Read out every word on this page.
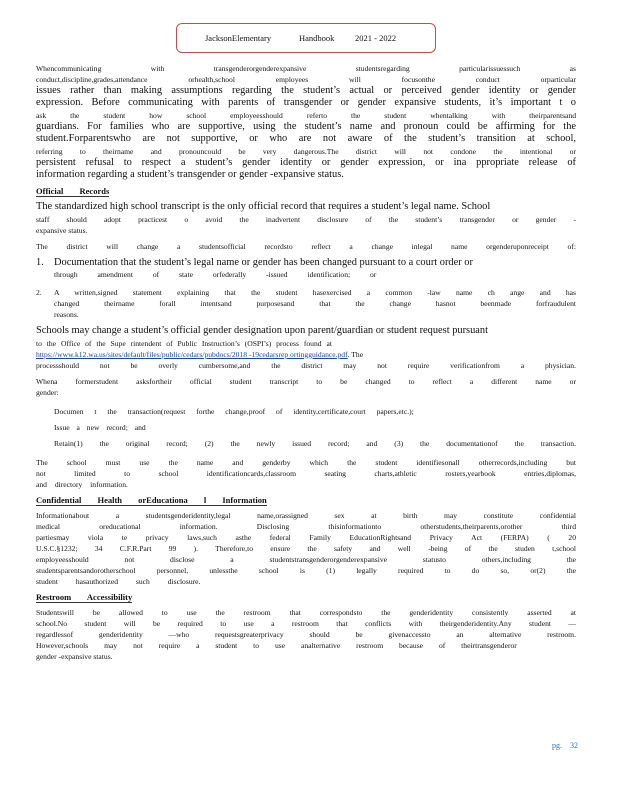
JacksonElementary	Handbook 2021 - 2022

Whencommunicating with transgenderorgenderexpansive studentsregarding particularissuessuch as

conduct,discipline,grades,attendance orhealth,school employees will focusonthe conduct orparticular

issues rather than making assumptions regarding the student’s actual or perceived gender identity or gender

expression. Before communicating with parents of transgender or gender expansive students, it’s important t o

ask the student how school employeesshould referto the student whentalking with theirparentsand

guardians. For families who are supportive, using the student’s name and pronoun could be affirming for the

student.Forparentswho are not supportive, or who are not aware of the student’s transition at school,

referring to theirname and pronouncould be very dangerous.The district will not condone the intentional or

persistent refusal to respect a student’s gender identity or gender expression, or ina ppropriate release of

information regarding a student’s transgender or gender -expansive status.

Official Records

The standardized high school transcript is the only official record that requires a student’s legal name. School

staff should adopt practicest o avoid the inadvertent disclosure of the student’s transgender or gender -

expansive status.

The district will change a studentsofficial recordsto reflect a change inlegal name orgenderuponreceipt of:

1. Documentation that the student’s legal name or gender has been changed pursuant to a court order or

through amendment of state orfederally -issued identification; or

2.	A written,signed statement explaining that the student hasexercised a common -law name ch ange and has

changed theirname forall intentsand purposesand that the change hasnot beenmade forfraudulent

reasons.

Schools may change a student’s official gender designation upon parent/guardian or student request pursuant

to the Office of the Supe rintendent of Public Instruction’s (OSPI’s) process found at

https://www.k12.wa.us/sites/default/files/public/cedars/pubdocs/2018 -19cedarsrep ortingguidance.pdf. The

processshould not be overly cumbersome,and the district may not require verificationfrom a physician.

Whena formerstudent asksfortheir official student transcript to be changed to reflect a different name or

gender:

Documen t the transaction(request forthe change,proof of identity,certificate,court papers,etc.);

Issue a new record; and

Retain(1) the original record; (2) the newly issued record; and (3) the documentationof the transaction.

The school must use the name and genderby which the student identifiesonall otherrecords,including but

not limited to school identificationcards,classroom seating charts,athletic rosters,yearbook entries,diplomas,

and directory information.

Confidential Health orEducationa l Information

Informationabout a studentsgenderidentity,legal name,orassigned sex at birth may constitute confidential

medical oreducational information. Disclosing thisinformationto otherstudents,theirparents,orother third

partiesmay viola te privacy laws,such asthe federal Family EducationRightsand Privacy Act (FERPA) ( 20

U.S.C.§1232; 34 C.F.R.Part 99 ). Therefore,to ensure the safety and well -being of the studen t,school

employeesshould not disclose a studentstransgenderorgenderexpansive statusto others,including the

studentsparentsandorotherschool personnel, unlessthe school is (1) legally required to do so, or(2) the

student hasauthorized such disclosure.

Restroom Accessibility

Studentswill be allowed to use the restroom that correspondsto the genderidentity consistently asserted at

school.No student will be required to use a restroom that conflicts with theirgenderidentity.Any student —

regardlessof genderidentity —who requestsgreaterprivacy should be givenaccessto an alternative restroom.

However,schools may not require a student to use analternative restroom because of theirtransgenderor

gender -expansive status.

pg. 32
